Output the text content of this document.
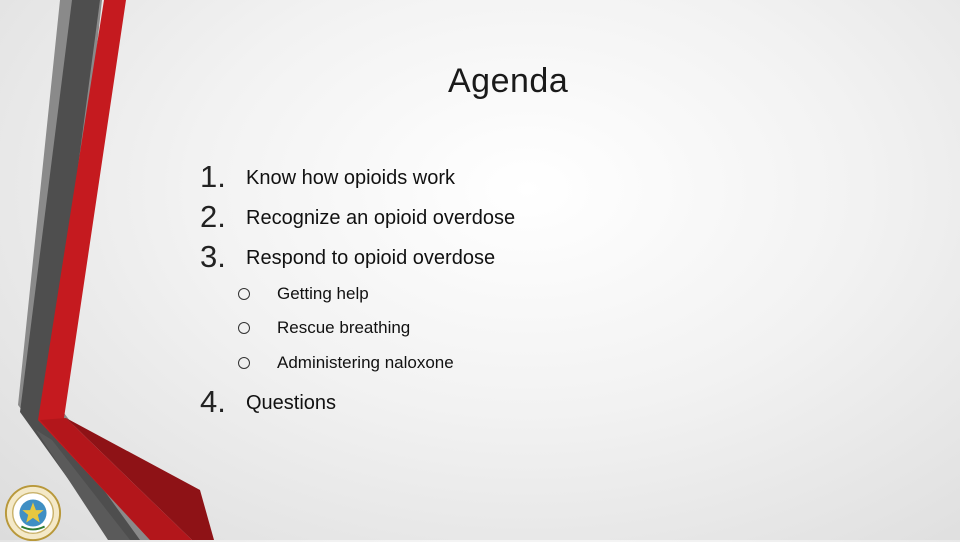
Agenda
1. Know how opioids work
2. Recognize an opioid overdose
3. Respond to opioid overdose
Getting help
Rescue breathing
Administering naloxone
4. Questions
